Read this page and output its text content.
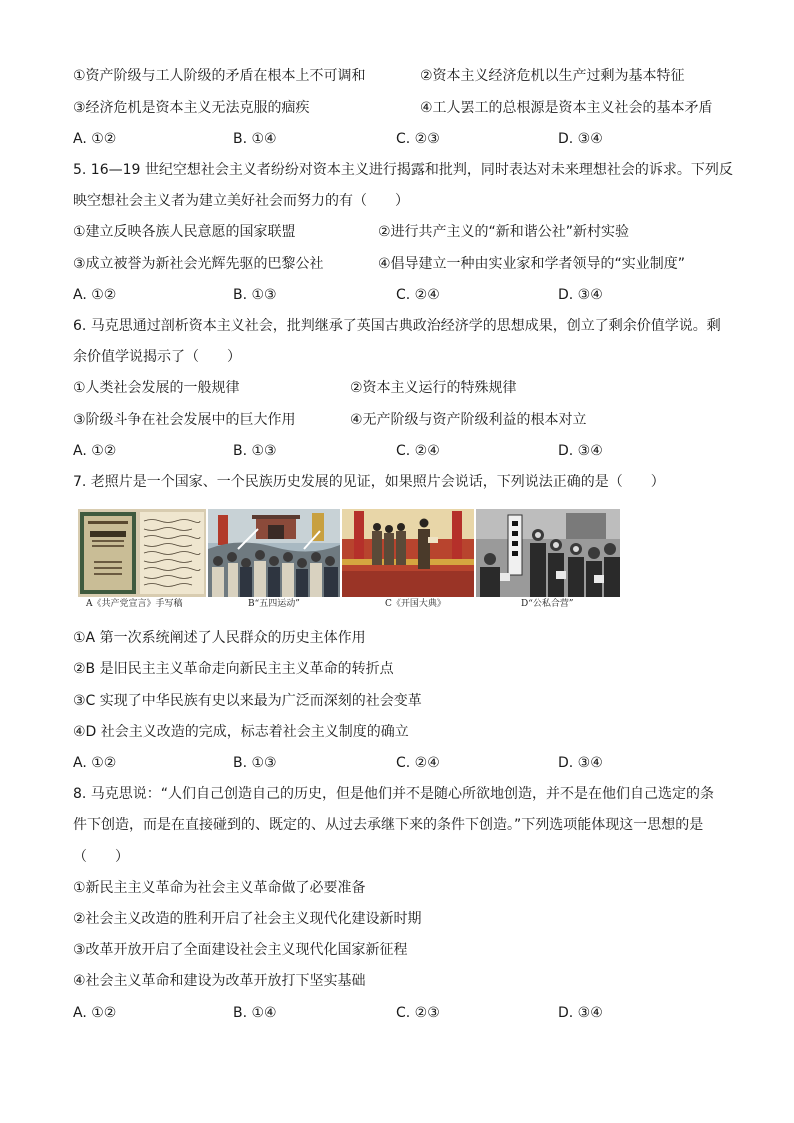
①资产阶级与工人阶级的矛盾在根本上不可调和	②资本主义经济危机以生产过剩为基本特征
③经济危机是资本主义无法克服的痼疾	④工人罢工的总根源是资本主义社会的基本矛盾
A. ①②	B. ①④	C. ②③	D. ③④
5. 16—19 世纪空想社会主义者纷纷对资本主义进行揭露和批判，同时表达对未来理想社会的诉求。下列反
映空想社会主义者为建立美好社会而努力的有（　　）
①建立反映各族人民意愿的国家联盟	②进行共产主义的“新和谐公社”新村实验
③成立被誉为新社会光辉先驱的巴黎公社	④倡导建立一种由实业家和学者领导的“实业制度”
A. ①②	B. ①③	C. ②④	D. ③④
6. 马克思通过剖析资本主义社会，批判继承了英国古典政治经济学的思想成果，创立了剩余价值学说。剩
余价值学说揭示了（　　）
①人类社会发展的一般规律	②资本主义运行的特殊规律
③阶级斗争在社会发展中的巨大作用	④无产阶级与资产阶级利益的根本对立
A. ①②	B. ①③	C. ②④	D. ③④
7. 老照片是一个国家、一个民族历史发展的见证，如果照片会说话，下列说法正确的是（　　）
A《共产党宣言》手写稿	B“五四运动”	C《开国大典》	D“公私合营”
①A 第一次系统阐述了人民群众的历史主体作用
②B 是旧民主主义革命走向新民主主义革命的转折点
③C 实现了中华民族有史以来最为广泛而深刻的社会变革
④D 社会主义改造的完成，标志着社会主义制度的确立
A. ①②	B. ①③	C. ②④	D. ③④
8. 马克思说：“人们自己创造自己的历史，但是他们并不是随心所欲地创造，并不是在他们自己选定的条
件下创造，而是在直接碰到的、既定的、从过去承继下来的条件下创造。”下列选项能体现这一思想的是
（　　）
①新民主主义革命为社会主义革命做了必要准备
②社会主义改造的胜利开启了社会主义现代化建设新时期
③改革开放开启了全面建设社会主义现代化国家新征程
④社会主义革命和建设为改革开放打下坚实基础
A. ①②	B. ①④	C. ②③	D. ③④
